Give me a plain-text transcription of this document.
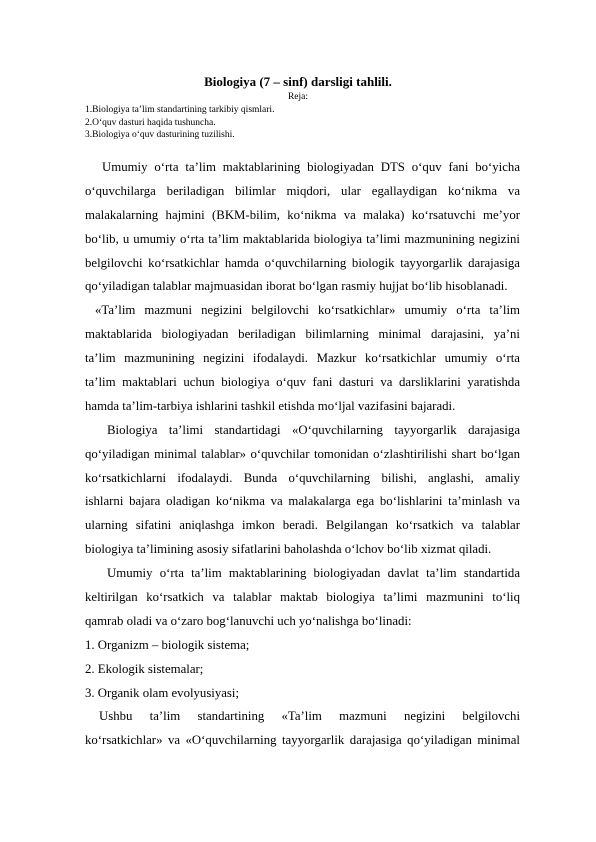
Biologiya (7 – sinf) darsligi tahlili.
Reja:
1.Biologiya ta’lim standartining tarkibiy qismlari.
2.O‘quv dasturi haqida tushuncha.
3.Biologiya o‘quv dasturining tuzilishi.
Umumiy o‘rta ta’lim maktablarining biologiyadan DTS o‘quv fani bo‘yicha
o‘quvchilarga beriladigan bilimlar miqdori, ular egallaydigan ko‘nikma va
malakalarning hajmini (BKM-bilim, ko‘nikma va malaka) ko‘rsatuvchi me’yor
bo‘lib, u umumiy o‘rta ta’lim maktablarida biologiya ta’limi mazmunining negizini
belgilovchi ko‘rsatkichlar hamda o‘quvchilarning biologik tayyorgarlik darajasiga
qo‘yiladigan talablar majmuasidan iborat bo‘lgan rasmiy hujjat bo‘lib hisoblanadi.
«Ta’lim mazmuni negizini belgilovchi ko‘rsatkichlar» umumiy o‘rta ta’lim
maktablarida biologiyadan beriladigan bilimlarning minimal darajasini, ya’ni
ta’lim mazmunining negizini ifodalaydi. Mazkur ko‘rsatkichlar umumiy o‘rta
ta’lim maktablari uchun biologiya o‘quv fani dasturi va darsliklarini yaratishda
hamda ta’lim-tarbiya ishlarini tashkil etishda mo‘ljal vazifasini bajaradi.
Biologiya ta’limi standartidagi «O‘quvchilarning tayyorgarlik darajasiga
qo‘yiladigan minimal talablar» o‘quvchilar tomonidan o‘zlashtirilishi shart bo‘lgan
ko‘rsatkichlarni ifodalaydi. Bunda o‘quvchilarning bilishi, anglashi, amaliy
ishlarni bajara oladigan ko‘nikma va malakalarga ega bo‘lishlarini ta’minlash va
ularning sifatini aniqlashga imkon beradi. Belgilangan ko‘rsatkich va talablar
biologiya ta’limining asosiy sifatlarini baholashda o‘lchov bo‘lib xizmat qiladi.
Umumiy o‘rta ta’lim maktablarining biologiyadan davlat ta’lim standartida
keltirilgan ko‘rsatkich va talablar maktab biologiya ta’limi mazmunini to‘liq
qamrab oladi va o‘zaro bog‘lanuvchi uch yo‘nalishga bo‘linadi:
1. Organizm – biologik sistema;
2. Ekologik sistemalar;
3. Organik olam evolyusiyasi;
Ushbu ta’lim standartining «Ta’lim mazmuni negizini belgilovchi
ko‘rsatkichlar» va «O‘quvchilarning tayyorgarlik darajasiga qo‘yiladigan minimal
